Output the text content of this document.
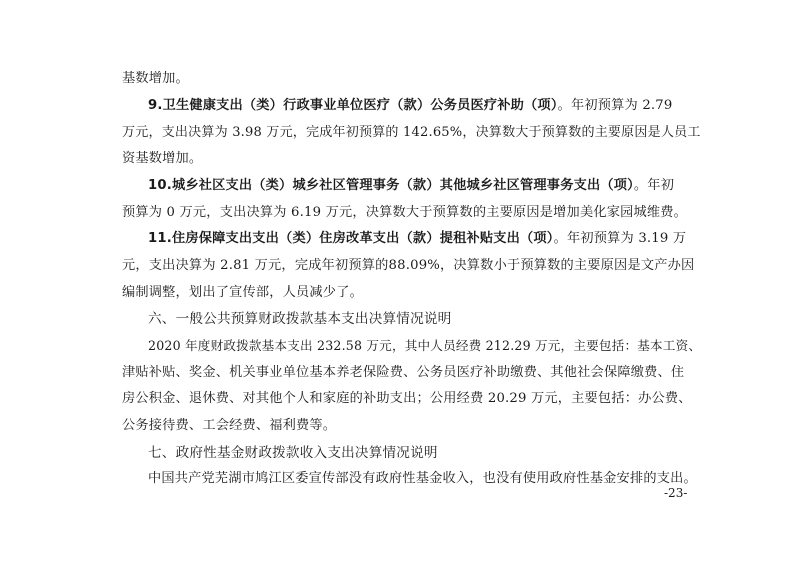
基数增加。
9.卫生健康支出（类）行政事业单位医疗（款）公务员医疗补助（项）。年初预算为 2.79
万元，支出决算为 3.98 万元，完成年初预算的 142.65%，决算数大于预算数的主要原因是人员工
资基数增加。
10.城乡社区支出（类）城乡社区管理事务（款）其他城乡社区管理事务支出（项）。年初
预算为 0 万元，支出决算为 6.19 万元，决算数大于预算数的主要原因是增加美化家园城维费。
11.住房保障支出支出（类）住房改革支出（款）提租补贴支出（项）。年初预算为 3.19 万
元，支出决算为 2.81 万元，完成年初预算的88.09%，决算数小于预算数的主要原因是文产办因
编制调整，划出了宣传部，人员减少了。
六、一般公共预算财政拨款基本支出决算情况说明
2020 年度财政拨款基本支出 232.58 万元，其中人员经费 212.29 万元，主要包括：基本工资、
津贴补贴、奖金、机关事业单位基本养老保险费、公务员医疗补助缴费、其他社会保障缴费、住
房公积金、退休费、对其他个人和家庭的补助支出；公用经费 20.29 万元，主要包括：办公费、
公务接待费、工会经费、福利费等。
七、政府性基金财政拨款收入支出决算情况说明
中国共产党芜湖市鸠江区委宣传部没有政府性基金收入，也没有使用政府性基金安排的支出。
-23-
